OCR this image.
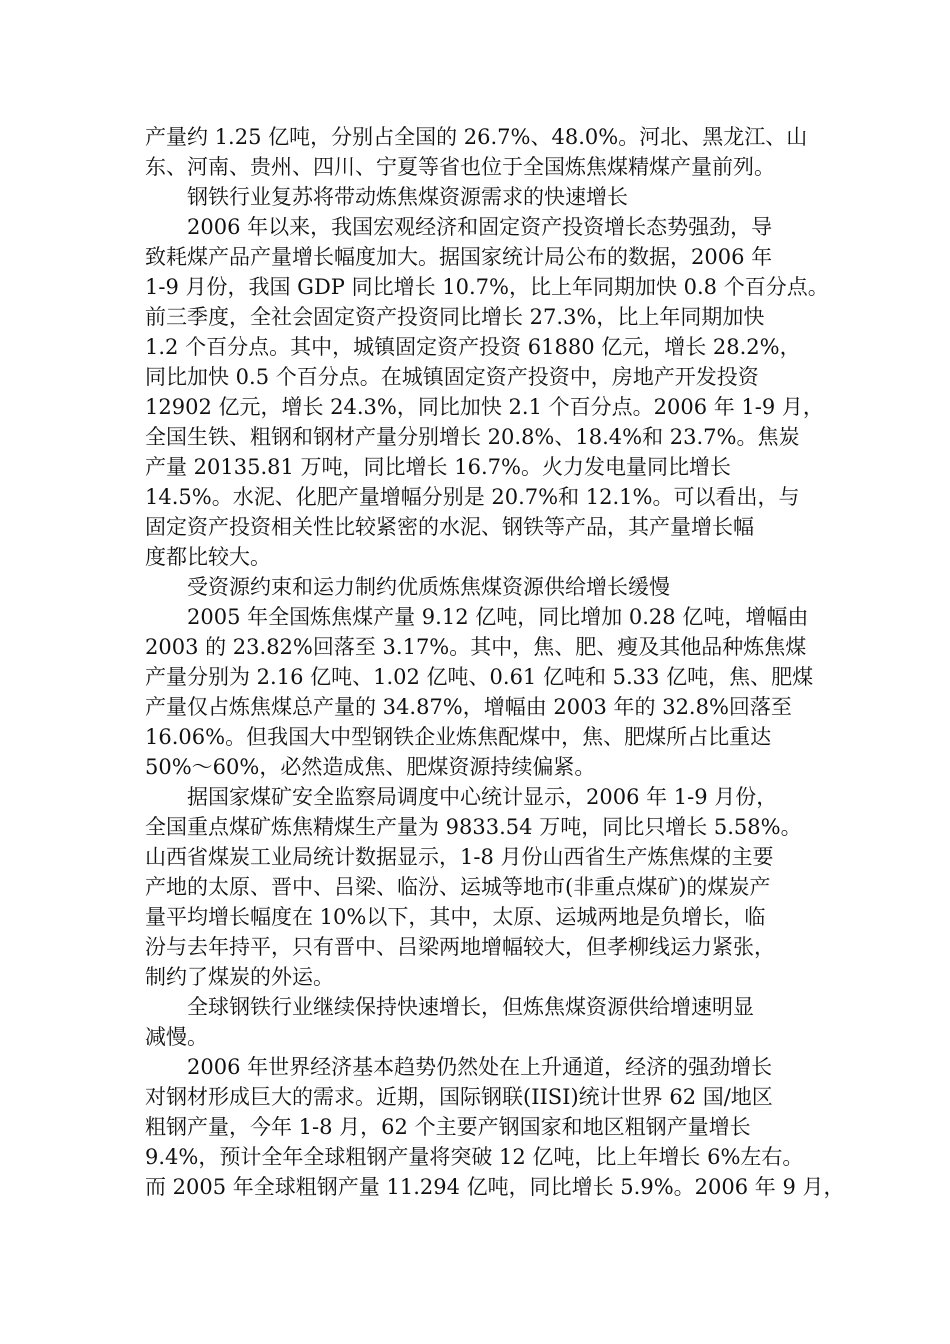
产量约 1.25 亿吨，分别占全国的 26.7%、48.0%。河北、黑龙江、山
东、河南、贵州、四川、宁夏等省也位于全国炼焦煤精煤产量前列。
钢铁行业复苏将带动炼焦煤资源需求的快速增长
2006 年以来，我国宏观经济和固定资产投资增长态势强劲，导
致耗煤产品产量增长幅度加大。据国家统计局公布的数据，2006 年
1-9 月份，我国 GDP 同比增长 10.7%，比上年同期加快 0.8 个百分点。
前三季度，全社会固定资产投资同比增长 27.3%，比上年同期加快
1.2 个百分点。其中，城镇固定资产投资 61880 亿元，增长 28.2%，
同比加快 0.5 个百分点。在城镇固定资产投资中，房地产开发投资
12902 亿元，增长 24.3%，同比加快 2.1 个百分点。2006 年 1-9 月，
全国生铁、粗钢和钢材产量分别增长 20.8%、18.4%和 23.7%。焦炭
产量 20135.81 万吨，同比增长 16.7%。火力发电量同比增长
14.5%。水泥、化肥产量增幅分别是 20.7%和 12.1%。可以看出，与
固定资产投资相关性比较紧密的水泥、钢铁等产品，其产量增长幅
度都比较大。
受资源约束和运力制约优质炼焦煤资源供给增长缓慢
2005 年全国炼焦煤产量 9.12 亿吨，同比增加 0.28 亿吨，增幅由
2003 的 23.82%回落至 3.17%。其中，焦、肥、瘦及其他品种炼焦煤
产量分别为 2.16 亿吨、1.02 亿吨、0.61 亿吨和 5.33 亿吨，焦、肥煤
产量仅占炼焦煤总产量的 34.87%，增幅由 2003 年的 32.8%回落至
16.06%。但我国大中型钢铁企业炼焦配煤中，焦、肥煤所占比重达
50%～60%，必然造成焦、肥煤资源持续偏紧。
据国家煤矿安全监察局调度中心统计显示，2006 年 1-9 月份，
全国重点煤矿炼焦精煤生产量为 9833.54 万吨，同比只增长 5.58%。
山西省煤炭工业局统计数据显示，1-8 月份山西省生产炼焦煤的主要
产地的太原、晋中、吕梁、临汾、运城等地市(非重点煤矿)的煤炭产
量平均增长幅度在 10%以下，其中，太原、运城两地是负增长，临
汾与去年持平，只有晋中、吕梁两地增幅较大，但孝柳线运力紧张，
制约了煤炭的外运。
全球钢铁行业继续保持快速增长，但炼焦煤资源供给增速明显
减慢。
2006 年世界经济基本趋势仍然处在上升通道，经济的强劲增长
对钢材形成巨大的需求。近期，国际钢联(IISI)统计世界 62 国/地区
粗钢产量，今年 1-8 月，62 个主要产钢国家和地区粗钢产量增长
9.4%，预计全年全球粗钢产量将突破 12 亿吨，比上年增长 6%左右。
而 2005 年全球粗钢产量 11.294 亿吨，同比增长 5.9%。2006 年 9 月，
